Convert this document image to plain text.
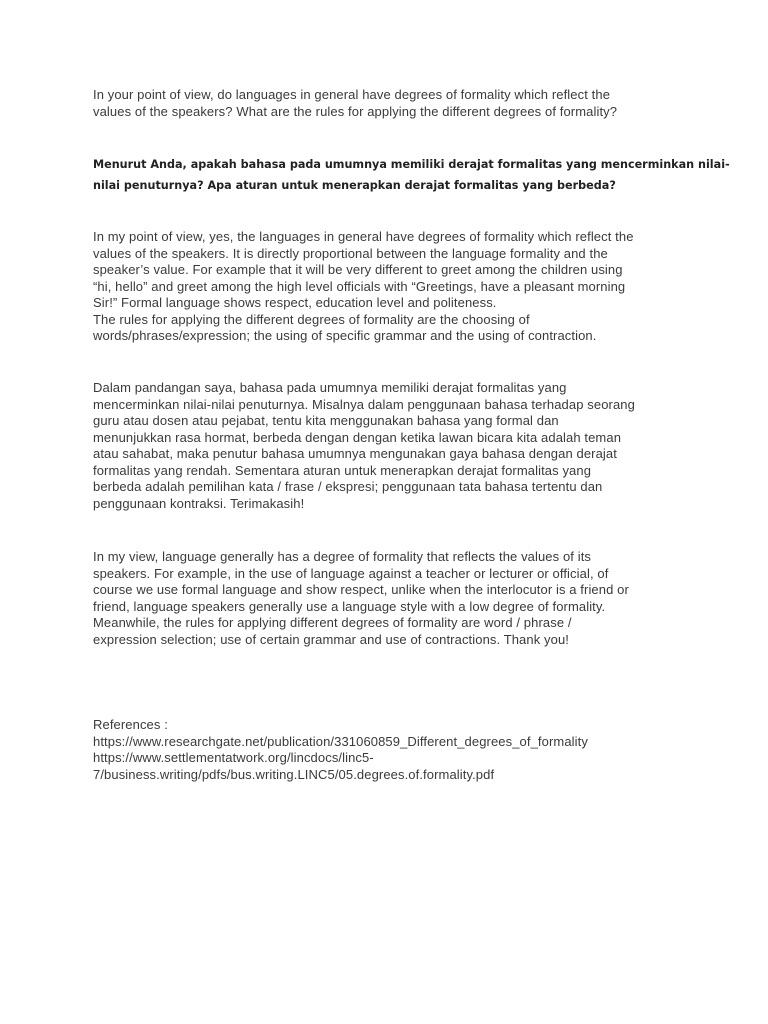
In your point of view, do languages in general have degrees of formality which reflect the
values of the speakers? What are the rules for applying the different degrees of formality?
Menurut Anda, apakah bahasa pada umumnya memiliki derajat formalitas yang mencerminkan nilai-
nilai penuturnya? Apa aturan untuk menerapkan derajat formalitas yang berbeda?
In my point of view, yes, the languages in general have degrees of formality which reflect the
values of the speakers. It is directly proportional between the language formality and the
speaker’s value. For example that it will be very different to greet among the children using
“hi, hello” and greet among the high level officials with “Greetings, have a pleasant morning
Sir!” Formal language shows respect, education level and politeness.
The rules for applying the different degrees of formality are the choosing of
words/phrases/expression; the using of specific grammar and the using of contraction.
Dalam pandangan saya, bahasa pada umumnya memiliki derajat formalitas yang
mencerminkan nilai-nilai penuturnya. Misalnya dalam penggunaan bahasa terhadap seorang
guru atau dosen atau pejabat, tentu kita menggunakan bahasa yang formal dan
menunjukkan rasa hormat, berbeda dengan dengan ketika lawan bicara kita adalah teman
atau sahabat, maka penutur bahasa umumnya mengunakan gaya bahasa dengan derajat
formalitas yang rendah. Sementara aturan untuk menerapkan derajat formalitas yang
berbeda adalah pemilihan kata / frase / ekspresi; penggunaan tata bahasa tertentu dan
penggunaan kontraksi. Terimakasih!
In my view, language generally has a degree of formality that reflects the values of its
speakers. For example, in the use of language against a teacher or lecturer or official, of
course we use formal language and show respect, unlike when the interlocutor is a friend or
friend, language speakers generally use a language style with a low degree of formality.
Meanwhile, the rules for applying different degrees of formality are word / phrase /
expression selection; use of certain grammar and use of contractions. Thank you!
References :
https://www.researchgate.net/publication/331060859_Different_degrees_of_formality
https://www.settlementatwork.org/lincdocs/linc5-
7/business.writing/pdfs/bus.writing.LINC5/05.degrees.of.formality.pdf
